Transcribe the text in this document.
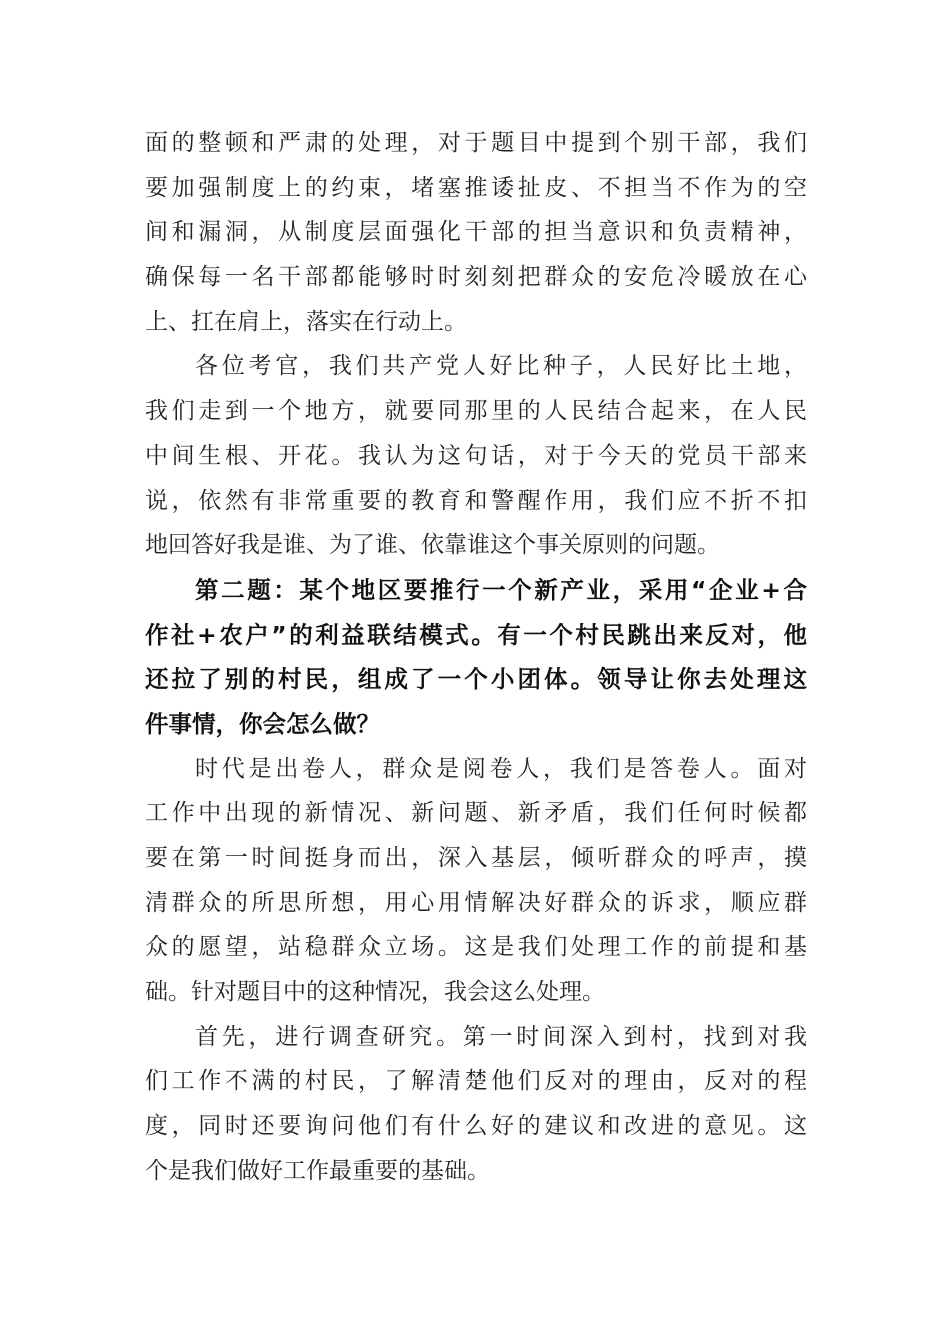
面的整顿和严肃的处理，对于题目中提到个别干部，我们
要加强制度上的约束，堵塞推诿扯皮、不担当不作为的空
间和漏洞，从制度层面强化干部的担当意识和负责精神，
确保每一名干部都能够时时刻刻把群众的安危冷暖放在心
上、扛在肩上，落实在行动上。
各位考官，我们共产党人好比种子，人民好比土地，
我们走到一个地方，就要同那里的人民结合起来，在人民
中间生根、开花。我认为这句话，对于今天的党员干部来
说，依然有非常重要的教育和警醒作用，我们应不折不扣
地回答好我是谁、为了谁、依靠谁这个事关原则的问题。
第二题：某个地区要推行一个新产业，采用“企业+合
作社+农户”的利益联结模式。有一个村民跳出来反对，他
还拉了别的村民，组成了一个小团体。领导让你去处理这
件事情，你会怎么做？
时代是出卷人，群众是阅卷人，我们是答卷人。面对
工作中出现的新情况、新问题、新矛盾，我们任何时候都
要在第一时间挺身而出，深入基层，倾听群众的呼声，摸
清群众的所思所想，用心用情解决好群众的诉求，顺应群
众的愿望，站稳群众立场。这是我们处理工作的前提和基
础。针对题目中的这种情况，我会这么处理。
首先，进行调查研究。第一时间深入到村，找到对我
们工作不满的村民，了解清楚他们反对的理由，反对的程
度，同时还要询问他们有什么好的建议和改进的意见。这
个是我们做好工作最重要的基础。
